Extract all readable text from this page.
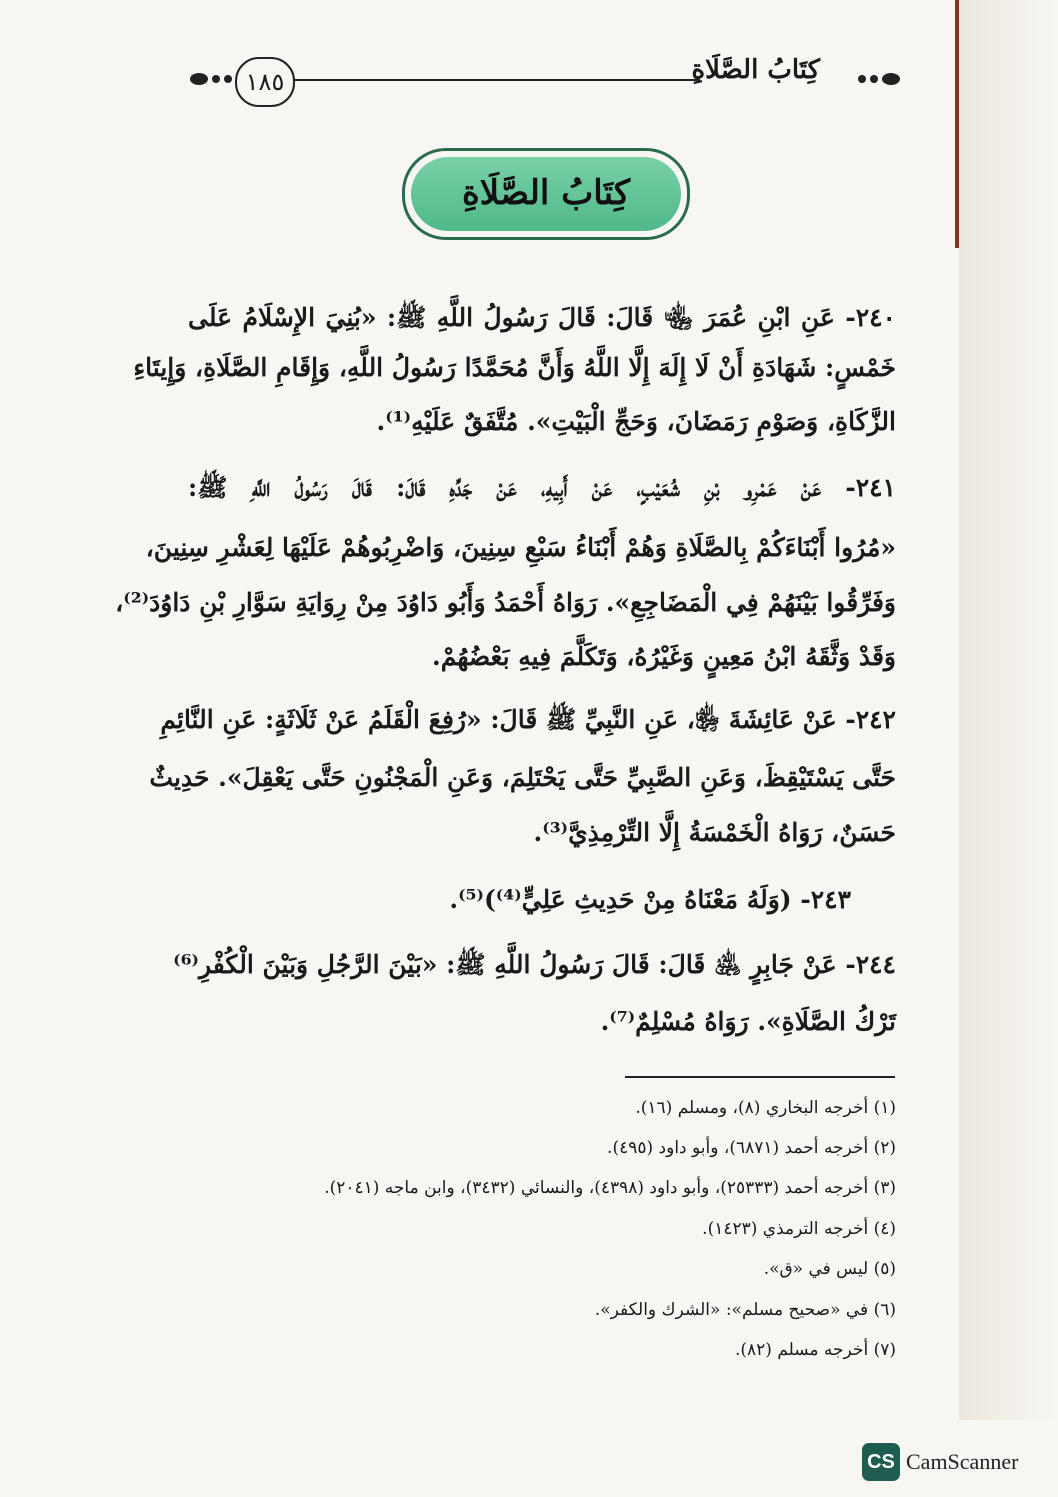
١٨٥	كِتَابُ الصَّلَاةِ
كِتَابُ الصَّلَاةِ
٢٤٠- عَنِ ابْنِ عُمَرَ ﵄ قَالَ: قَالَ رَسُولُ اللَّهِ ﷺ: «بُنِيَ الإِسْلَامُ عَلَى
خَمْسٍ: شَهَادَةِ أَنْ لَا إِلَهَ إِلَّا اللَّهُ وَأَنَّ مُحَمَّدًا رَسُولُ اللَّهِ، وَإِقَامِ الصَّلَاةِ، وَإِيتَاءِ
الزَّكَاةِ، وَصَوْمِ رَمَضَانَ، وَحَجِّ الْبَيْتِ». مُتَّفَقٌ عَلَيْهِ⁽¹⁾.
٢٤١- عَنْ عَمْرِو بْنِ شُعَيْبٍ، عَنْ أَبِيهِ، عَنْ جَدِّهِ قَالَ: قَالَ رَسُولُ اللَّهِ ﷺ:
«مُرُوا أَبْنَاءَكُمْ بِالصَّلَاةِ وَهُمْ أَبْنَاءُ سَبْعِ سِنِينَ، وَاضْرِبُوهُمْ عَلَيْهَا لِعَشْرِ سِنِينَ،
وَفَرِّقُوا بَيْنَهُمْ فِي الْمَضَاجِعِ». رَوَاهُ أَحْمَدُ وَأَبُو دَاوُدَ مِنْ رِوَايَةِ سَوَّارِ بْنِ دَاوُدَ⁽²⁾،
وَقَدْ وَثَّقَهُ ابْنُ مَعِينٍ وَغَيْرُهُ، وَتَكَلَّمَ فِيهِ بَعْضُهُمْ.
٢٤٢- عَنْ عَائِشَةَ ﵂، عَنِ النَّبِيِّ ﷺ قَالَ: «رُفِعَ الْقَلَمُ عَنْ ثَلَاثَةٍ: عَنِ النَّائِمِ
حَتَّى يَسْتَيْقِظَ، وَعَنِ الصَّبِيِّ حَتَّى يَحْتَلِمَ، وَعَنِ الْمَجْنُونِ حَتَّى يَعْقِلَ». حَدِيثٌ
حَسَنٌ، رَوَاهُ الْخَمْسَةُ إِلَّا التِّرْمِذِيَّ⁽³⁾.
٢٤٣- (وَلَهُ مَعْنَاهُ مِنْ حَدِيثِ عَلِيٍّ⁽⁴⁾)⁽⁵⁾.
٢٤٤- عَنْ جَابِرٍ ﵁ قَالَ: قَالَ رَسُولُ اللَّهِ ﷺ: «بَيْنَ الرَّجُلِ وَبَيْنَ الْكُفْرِ⁽⁶⁾
تَرْكُ الصَّلَاةِ». رَوَاهُ مُسْلِمٌ⁽⁷⁾.
(١) أخرجه البخاري (٨)، ومسلم (١٦).
(٢) أخرجه أحمد (٦٨٧١)، وأبو داود (٤٩٥).
(٣) أخرجه أحمد (٢٥٣٣٣)، وأبو داود (٤٣٩٨)، والنسائي (٣٤٣٢)، وابن ماجه (٢٠٤١).
(٤) أخرجه الترمذي (١٤٢٣).
(٥) ليس في «ق».
(٦) في «صحيح مسلم»: «الشرك والكفر».
(٧) أخرجه مسلم (٨٢).
CS CamScanner
